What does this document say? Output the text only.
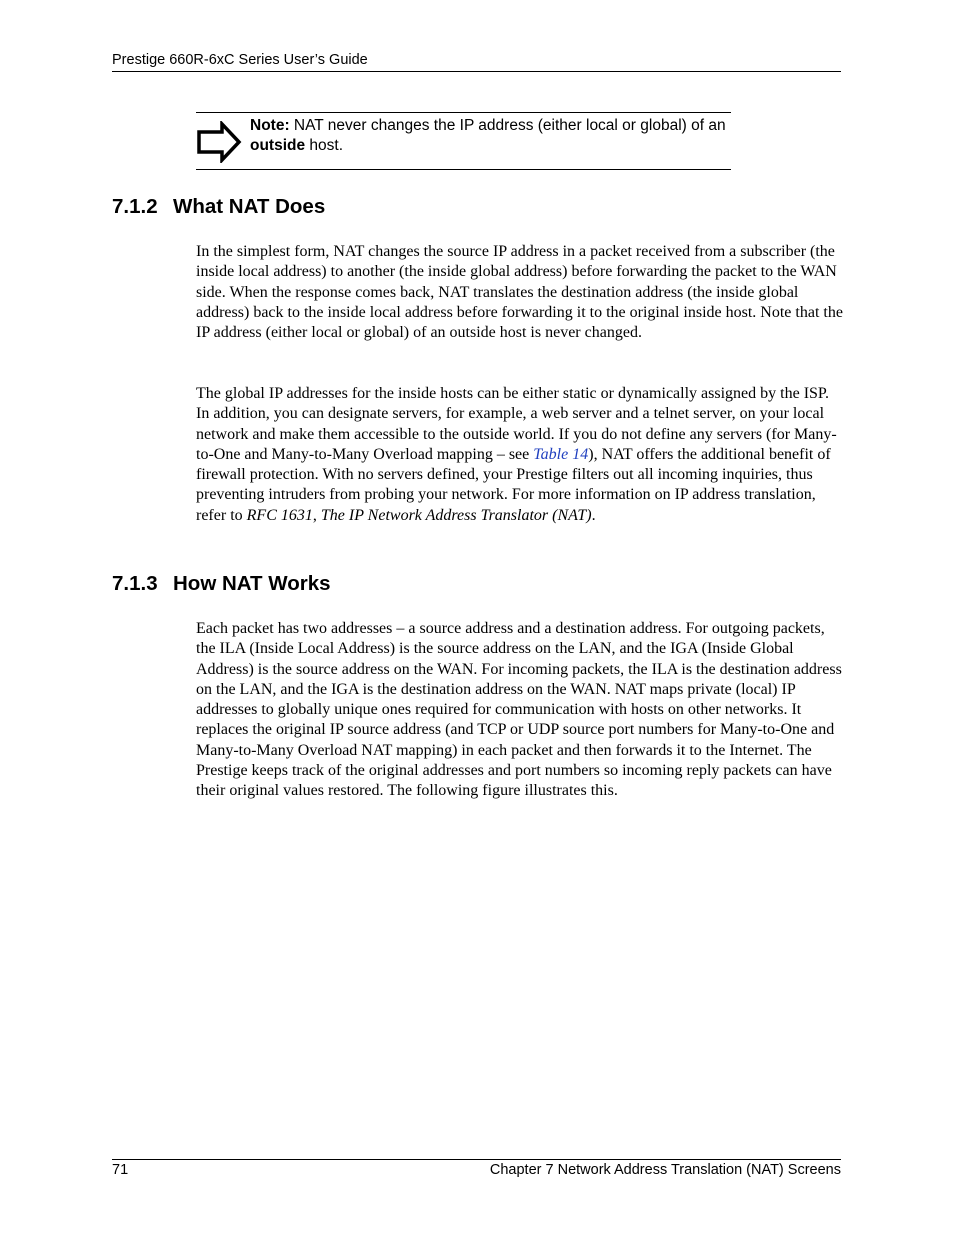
Prestige 660R-6xC Series User’s Guide
Note: NAT never changes the IP address (either local or global) of an outside host.
7.1.2 What NAT Does

In the simplest form, NAT changes the source IP address in a packet received from a subscriber (the inside local address) to another (the inside global address) before forwarding the packet to the WAN side. When the response comes back, NAT translates the destination address (the inside global address) back to the inside local address before forwarding it to the original inside host. Note that the IP address (either local or global) of an outside host is never changed.

The global IP addresses for the inside hosts can be either static or dynamically assigned by the ISP. In addition, you can designate servers, for example, a web server and a telnet server, on your local network and make them accessible to the outside world. If you do not define any servers (for Many-to-One and Many-to-Many Overload mapping – see Table 14), NAT offers the additional benefit of firewall protection. With no servers defined, your Prestige filters out all incoming inquiries, thus preventing intruders from probing your network. For more information on IP address translation, refer to RFC 1631, The IP Network Address Translator (NAT).

7.1.3 How NAT Works

Each packet has two addresses – a source address and a destination address. For outgoing packets, the ILA (Inside Local Address) is the source address on the LAN, and the IGA (Inside Global Address) is the source address on the WAN. For incoming packets, the ILA is the destination address on the LAN, and the IGA is the destination address on the WAN. NAT maps private (local) IP addresses to globally unique ones required for communication with hosts on other networks. It replaces the original IP source address (and TCP or UDP source port numbers for Many-to-One and Many-to-Many Overload NAT mapping) in each packet and then forwards it to the Internet. The Prestige keeps track of the original addresses and port numbers so incoming reply packets can have their original values restored. The following figure illustrates this.

71	Chapter 7 Network Address Translation (NAT) Screens
